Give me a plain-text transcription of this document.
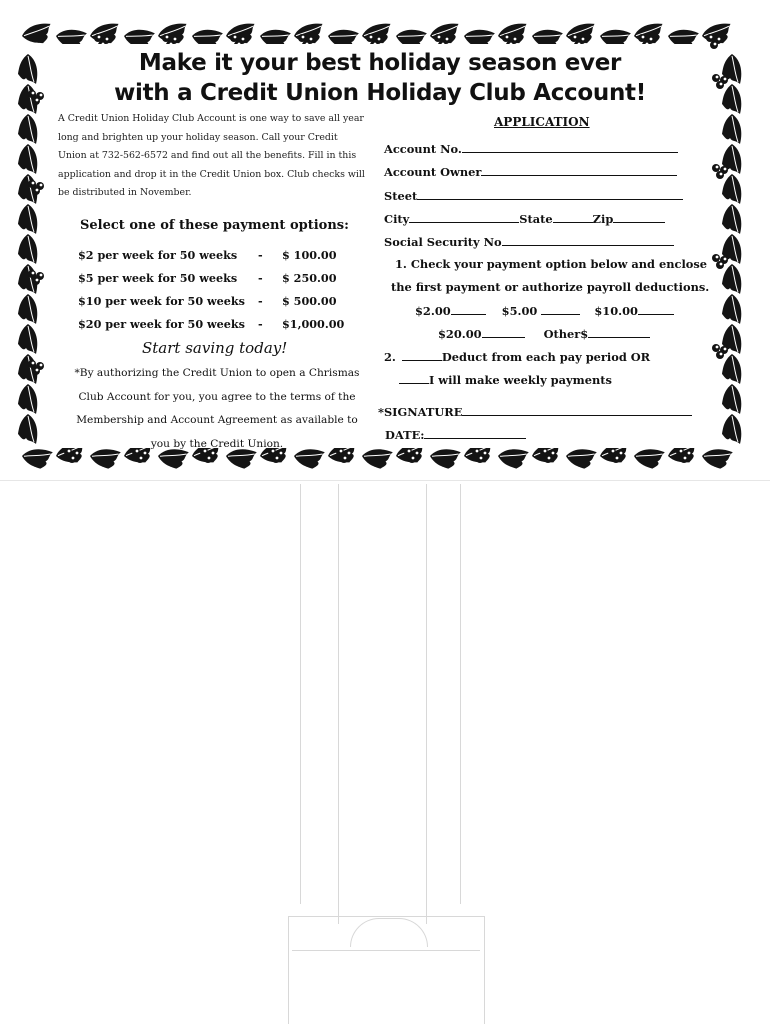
Make it your best holiday season ever
with a Credit Union Holiday Club Account!
A Credit Union Holiday Club Account is one way to save all year
long and brighten up your holiday season. Call your Credit
Union at 732-562-6572 and find out all the benefits. Fill in this
application and drop it in the Credit Union box. Club checks will
be distributed in November.
Select one of these payment options:
$2 per week for 50 weeks - $ 100.00
$5 per week for 50 weeks - $ 250.00
$10 per week for 50 weeks - $ 500.00
$20 per week for 50 weeks - $1,000.00
Start saving today!
*By authorizing the Credit Union to open a Chrismas
Club Account for you, you agree to the terms of the
Membership and Account Agreement as available to
you by the Credit Union.
APPLICATION
Account No.
Account Owner
Steet
City	State	Zip
Social Security No
1. Check your payment option below and enclose
the first payment or authorize payroll deductions.
$2.00	$5.00	$10.00
$20.00	Other$
2.	Deduct from each pay period OR
I will make weekly payments
*SIGNATURE
DATE:
